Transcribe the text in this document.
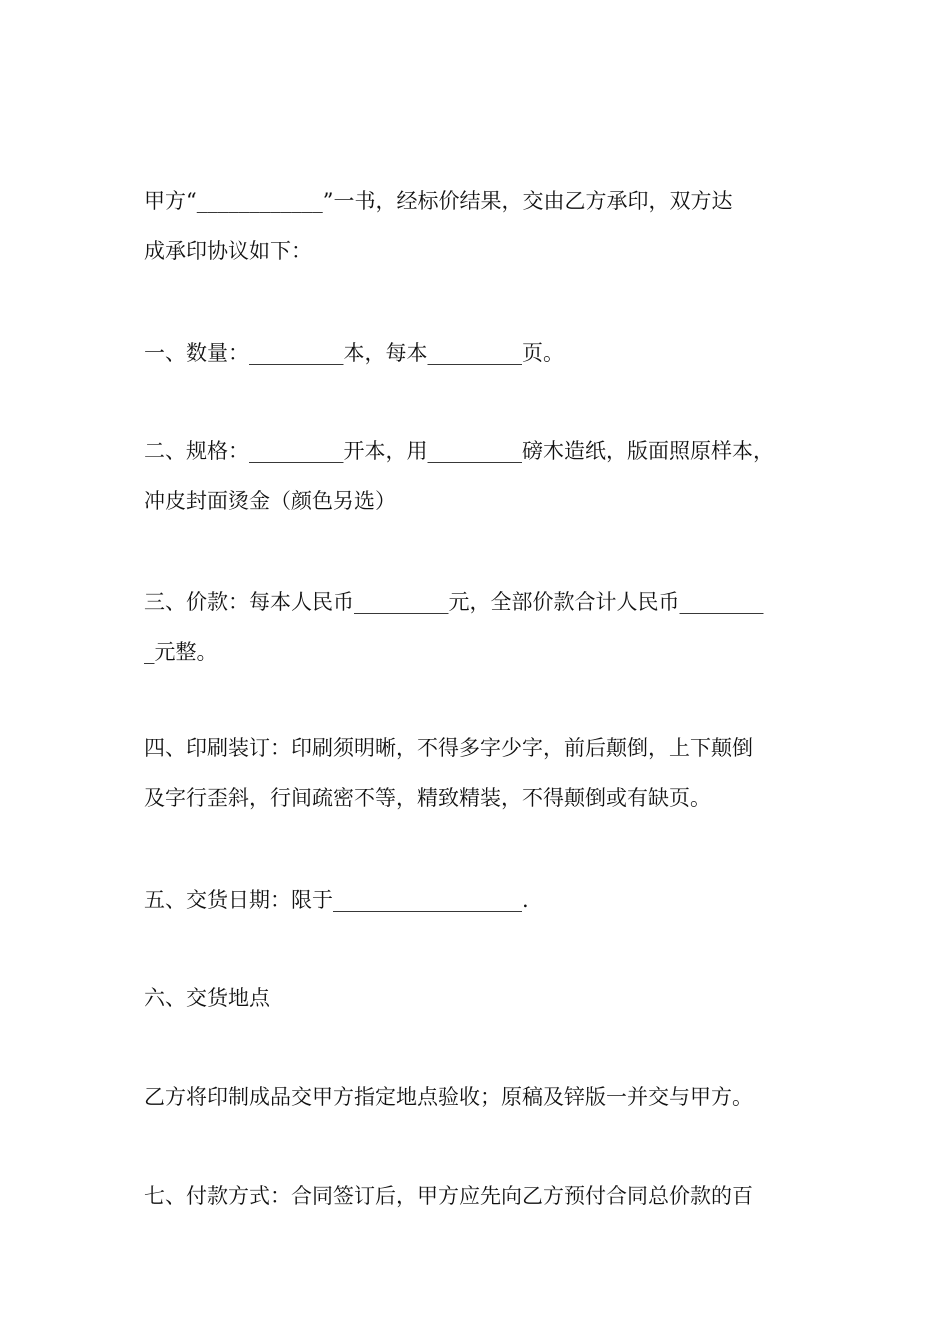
甲方“____________”一书，经标价结果，交由乙方承印，双方达
成承印协议如下：
一、数量：_________本，每本_________页。
二、规格：_________开本，用_________磅木造纸，版面照原样本，
冲皮封面烫金（颜色另选）
三、价款：每本人民币_________元，全部价款合计人民币________
_元整。
四、印刷装订：印刷须明晰，不得多字少字，前后颠倒，上下颠倒
及字行歪斜，行间疏密不等，精致精装，不得颠倒或有缺页。
五、交货日期：限于__________________.
六、交货地点
乙方将印制成品交甲方指定地点验收；原稿及锌版一并交与甲方。
七、付款方式：合同签订后，甲方应先向乙方预付合同总价款的百
